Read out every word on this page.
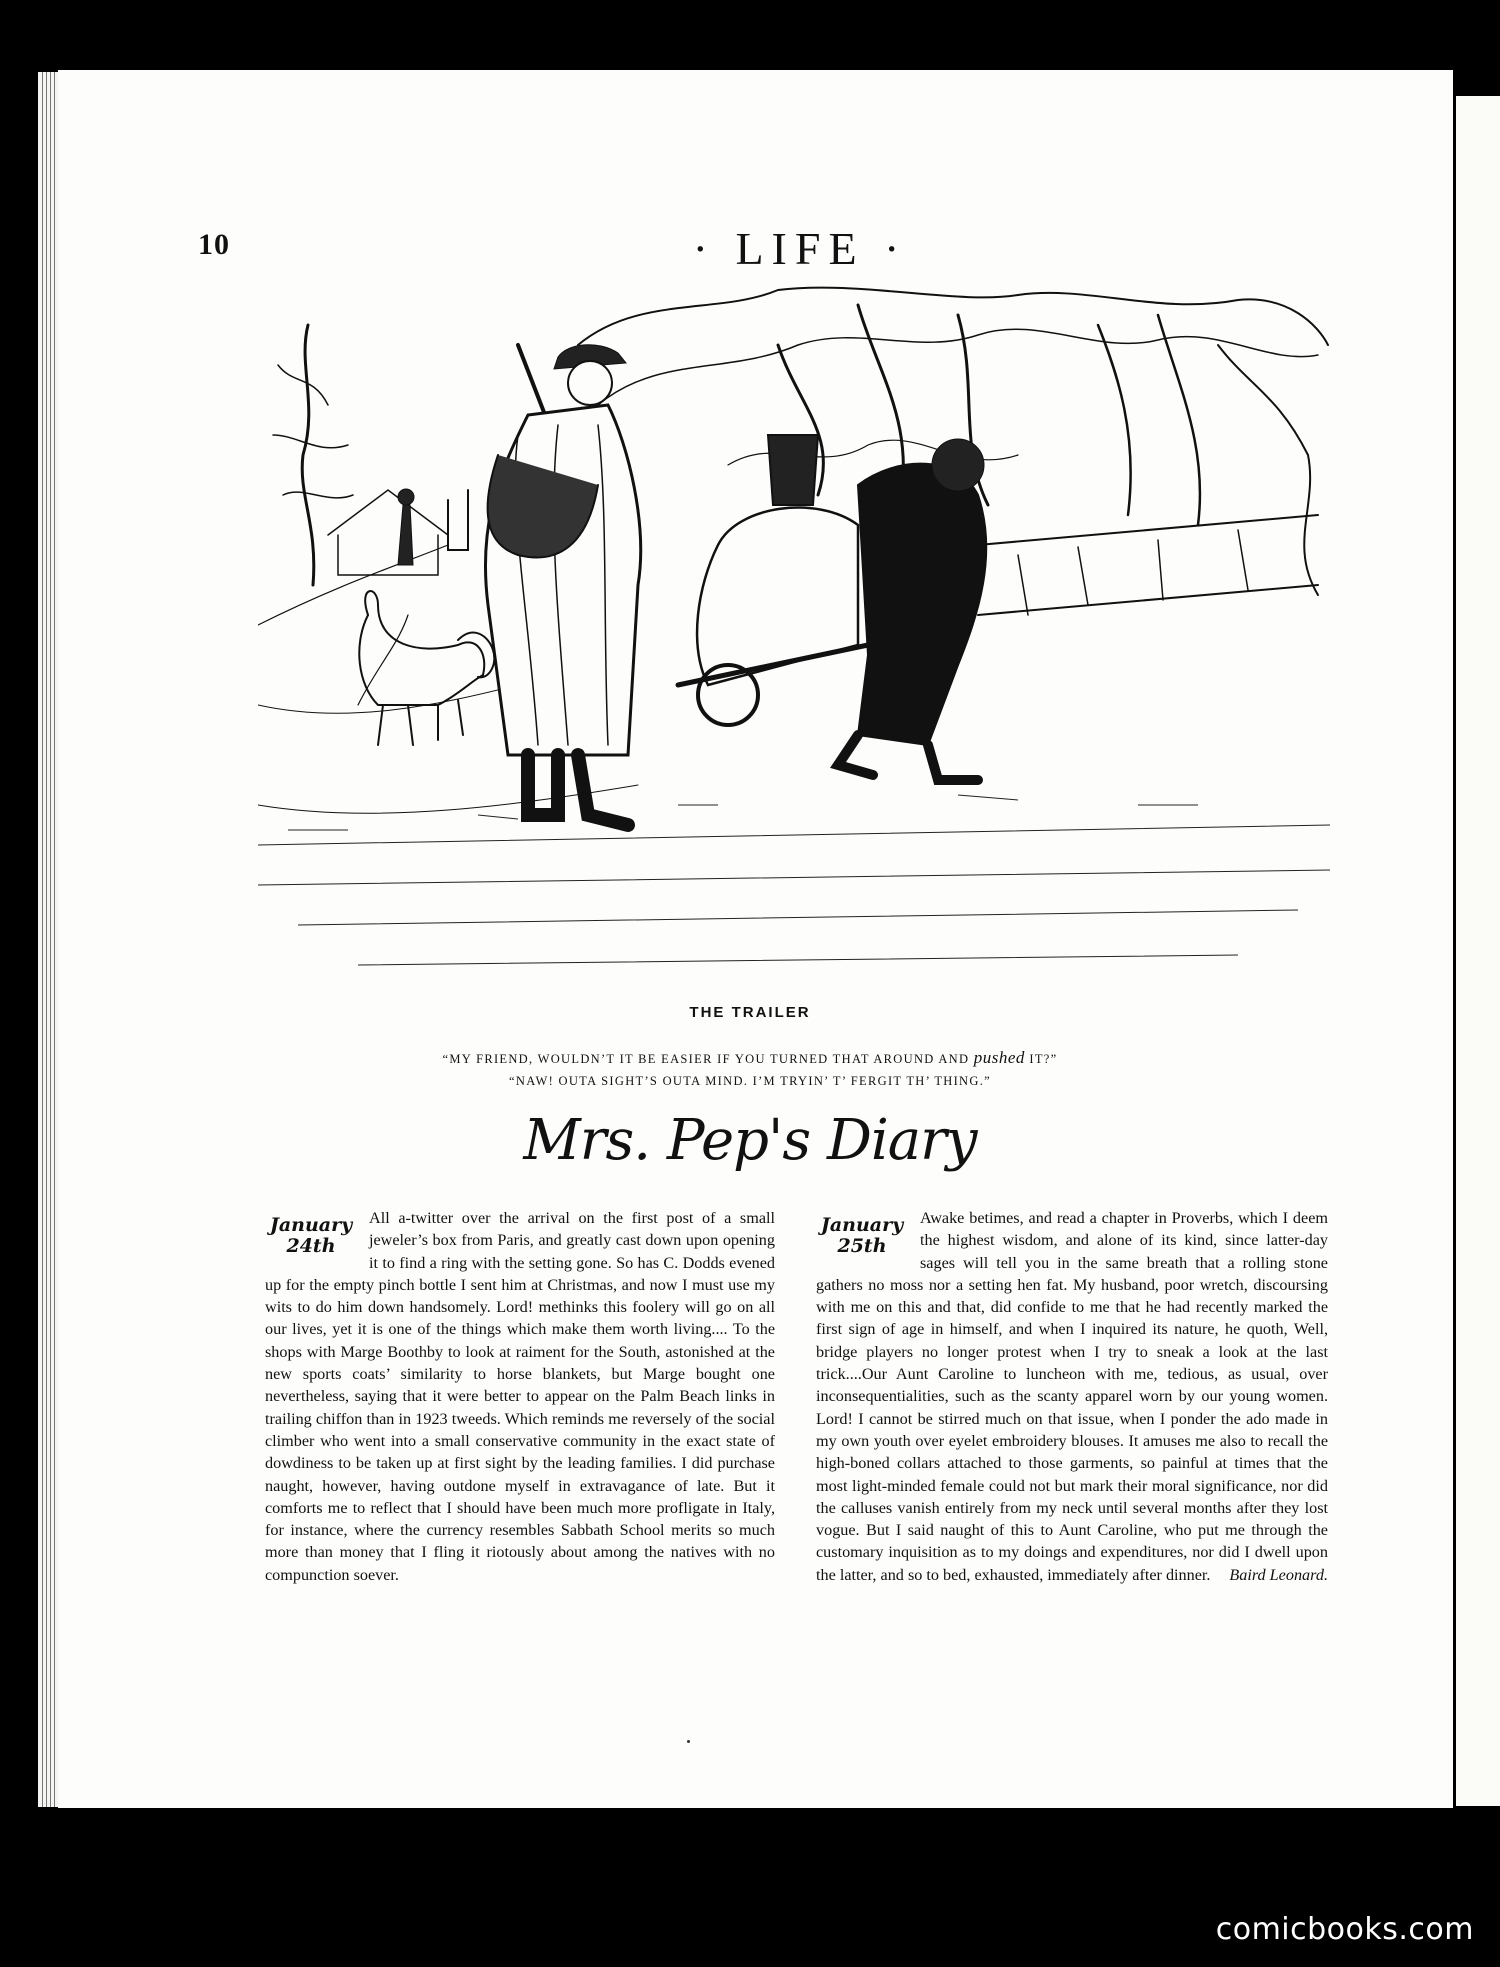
10	· LIFE ·
THE TRAILER
“MY FRIEND, WOULDN’T IT BE EASIER IF YOU TURNED THAT AROUND AND pushed IT?”
“NAW! OUTA SIGHT’S OUTA MIND. I’M TRYIN’ T’ FERGIT TH’ THING.”
Mrs. Pep's Diary
January
24th

All a-twitter over the arrival on the first post of a small jeweler’s box from Paris, and greatly cast down upon opening it to find a ring with the setting gone. So has C. Dodds evened up for the empty pinch bottle I sent him at Christmas, and now I must use my wits to do him down handsomely. Lord! methinks this foolery will go on all our lives, yet it is one of the things which make them worth living.... To the shops with Marge Boothby to look at raiment for the South, astonished at the new sports coats’ similarity to horse blankets, but Marge bought one nevertheless, saying that it were better to appear on the Palm Beach links in trailing chiffon than in 1923 tweeds. Which reminds me reversely of the social climber who went into a small conservative community in the exact state of dowdiness to be taken up at first sight by the leading families. I did purchase naught, however, having outdone myself in extravagance of late. But it comforts me to reflect that I should have been much more profligate in Italy, for instance, where the currency resembles Sabbath School merits so much more than money that I fling it riotously about among the natives with no compunction soever.

January
25th

Awake betimes, and read a chapter in Proverbs, which I deem the highest wisdom, and alone of its kind, since latter-day sages will tell you in the same breath that a rolling stone gathers no moss nor a setting hen fat. My husband, poor wretch, discoursing with me on this and that, did confide to me that he had recently marked the first sign of age in himself, and when I inquired its nature, he quoth, Well, bridge players no longer protest when I try to sneak a look at the last trick....Our Aunt Caroline to luncheon with me, tedious, as usual, over inconsequentialities, such as the scanty apparel worn by our young women. Lord! I cannot be stirred much on that issue, when I ponder the ado made in my own youth over eyelet embroidery blouses. It amuses me also to recall the high-boned collars attached to those garments, so painful at times that the most light-minded female could not but mark their moral significance, nor did the calluses vanish entirely from my neck until several months after they lost vogue. But I said naught of this to Aunt Caroline, who put me through the customary inquisition as to my doings and expenditures, nor did I dwell upon the latter, and so to bed, exhausted, immediately after dinner. Baird Leonard.

comicbooks.com
